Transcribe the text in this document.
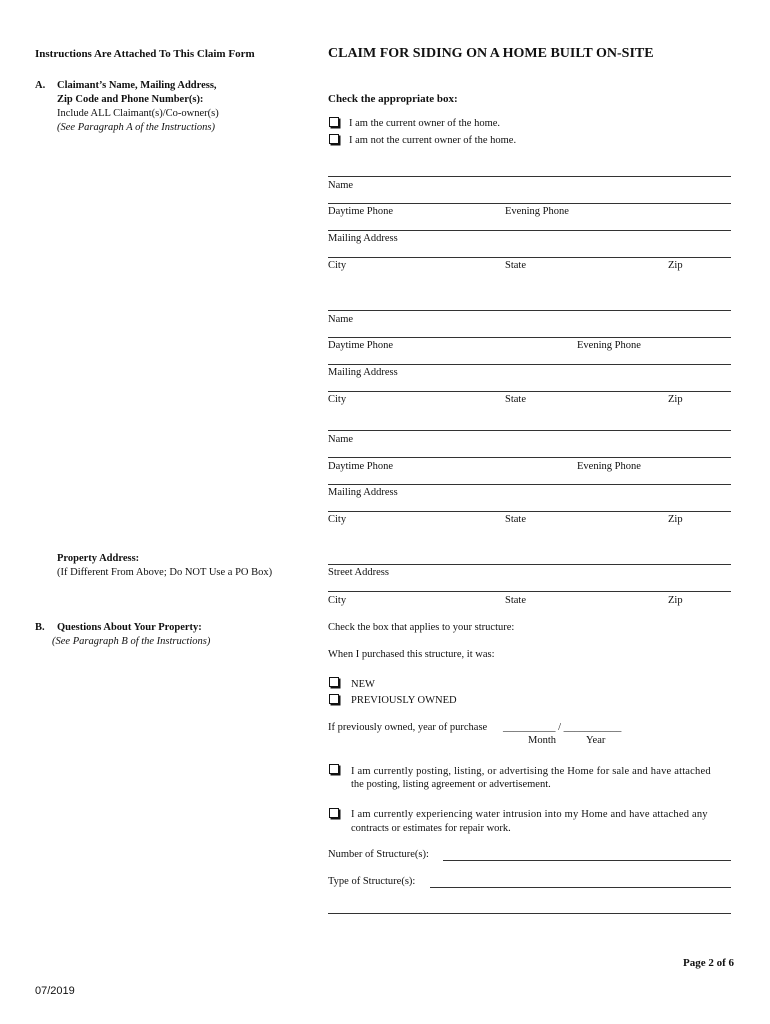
Instructions Are Attached To This Claim Form	CLAIM FOR SIDING ON A HOME BUILT ON-SITE
A. Claimant’s Name, Mailing Address,
Zip Code and Phone Number(s):
Include ALL Claimant(s)/Co-owner(s)
(See Paragraph A of the Instructions)
Check the appropriate box:
I am the current owner of the home.
I am not the current owner of the home.
Name
Daytime Phone	Evening Phone
Mailing Address
City	State	Zip
Name
Daytime Phone	Evening Phone
Mailing Address
City	State	Zip
Name
Daytime Phone	Evening Phone
Mailing Address
City	State	Zip
Property Address:
(If Different From Above; Do NOT Use a PO Box)	Street Address
City	State	Zip
B. Questions About Your Property:
(See Paragraph B of the Instructions)
Check the box that applies to your structure:
When I purchased this structure, it was:
NEW
PREVIOUSLY OWNED
If previously owned, year of purchase __________ / ___________
Month	Year
I am currently posting, listing, or advertising the Home for sale and have attached
the posting, listing agreement or advertisement.
I am currently experiencing water intrusion into my Home and have attached any
contracts or estimates for repair work.
Number of Structure(s):
Type of Structure(s):
Page 2 of 6
07/2019
